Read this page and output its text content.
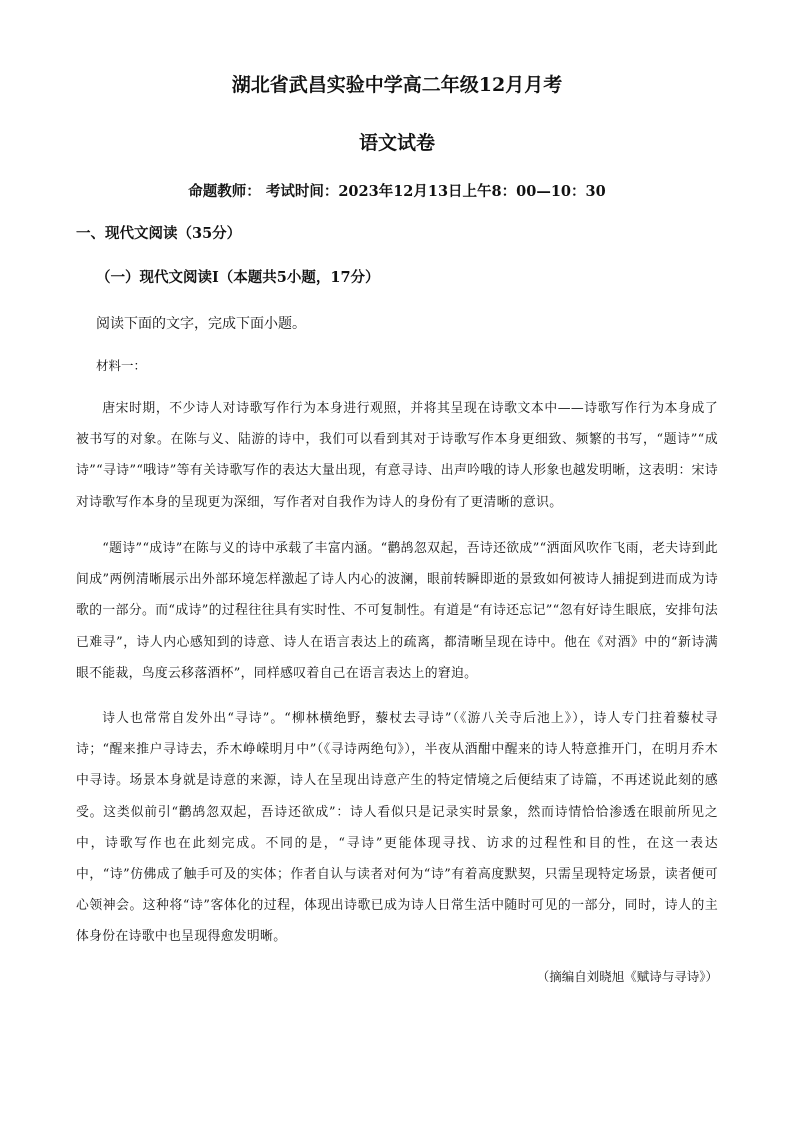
湖北省武昌实验中学高二年级12月月考
语文试卷
命题教师： 考试时间：2023年12月13日上午8：00—10：30
一、现代文阅读（35分）
（一）现代文阅读Ⅰ（本题共5小题，17分）
阅读下面的文字，完成下面小题。
材料一：

唐宋时期，不少诗人对诗歌写作行为本身进行观照，并将其呈现在诗歌文本中——诗歌写作行为本身成了被书写的对象。在陈与义、陆游的诗中，我们可以看到其对于诗歌写作本身更细致、频繁的书写，“题诗”“成诗”“寻诗”“哦诗”等有关诗歌写作的表达大量出现，有意寻诗、出声吟哦的诗人形象也越发明晰，这表明：宋诗对诗歌写作本身的呈现更为深细，写作者对自我作为诗人的身份有了更清晰的意识。

“题诗”“成诗”在陈与义的诗中承载了丰富内涵。“鹳鸪忽双起，吾诗还欲成”“洒面风吹作飞雨，老夫诗到此间成”两例清晰展示出外部环境怎样激起了诗人内心的波澜，眼前转瞬即逝的景致如何被诗人捕捉到进而成为诗歌的一部分。而“成诗”的过程往往具有实时性、不可复制性。有道是“有诗还忘记”“忽有好诗生眼底，安排句法已难寻”，诗人内心感知到的诗意、诗人在语言表达上的疏离，都清晰呈现在诗中。他在《对酒》中的“新诗满眼不能裁，鸟度云移落酒杯”，同样感叹着自己在语言表达上的窘迫。

诗人也常常自发外出“寻诗”。“柳林横绝野，藜杖去寻诗”（《游八关寺后池上》），诗人专门拄着藜杖寻诗；“醒来推户寻诗去，乔木峥嵘明月中”（《寻诗两绝句》），半夜从酒酣中醒来的诗人特意推开门，在明月乔木中寻诗。场景本身就是诗意的来源，诗人在呈现出诗意产生的特定情境之后便结束了诗篇，不再述说此刻的感受。这类似前引“鹳鸪忽双起，吾诗还欲成”：诗人看似只是记录实时景象，然而诗情恰恰渗透在眼前所见之中，诗歌写作也在此刻完成。不同的是，“寻诗”更能体现寻找、访求的过程性和目的性，在这一表达中，“诗”仿佛成了触手可及的实体；作者自认与读者对何为“诗”有着高度默契，只需呈现特定场景，读者便可心领神会。这种将“诗”客体化的过程，体现出诗歌已成为诗人日常生活中随时可见的一部分，同时，诗人的主体身份在诗歌中也呈现得愈发明晰。

（摘编自刘晓旭《赋诗与寻诗》）
